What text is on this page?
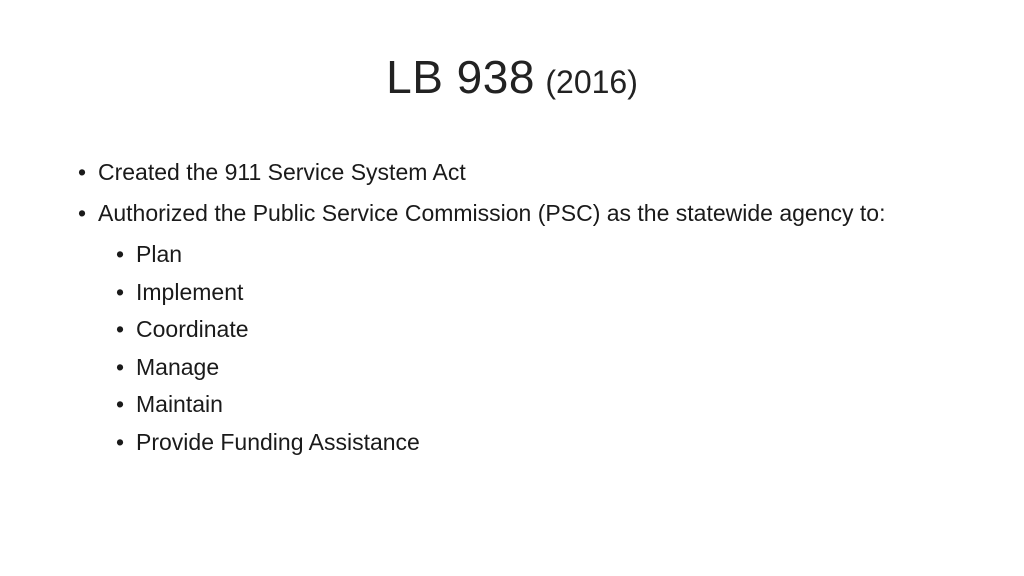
LB 938 (2016)
• Created the 911 Service System Act
• Authorized the Public Service Commission (PSC) as the statewide agency to:
• Plan
• Implement
• Coordinate
• Manage
• Maintain
• Provide Funding Assistance
